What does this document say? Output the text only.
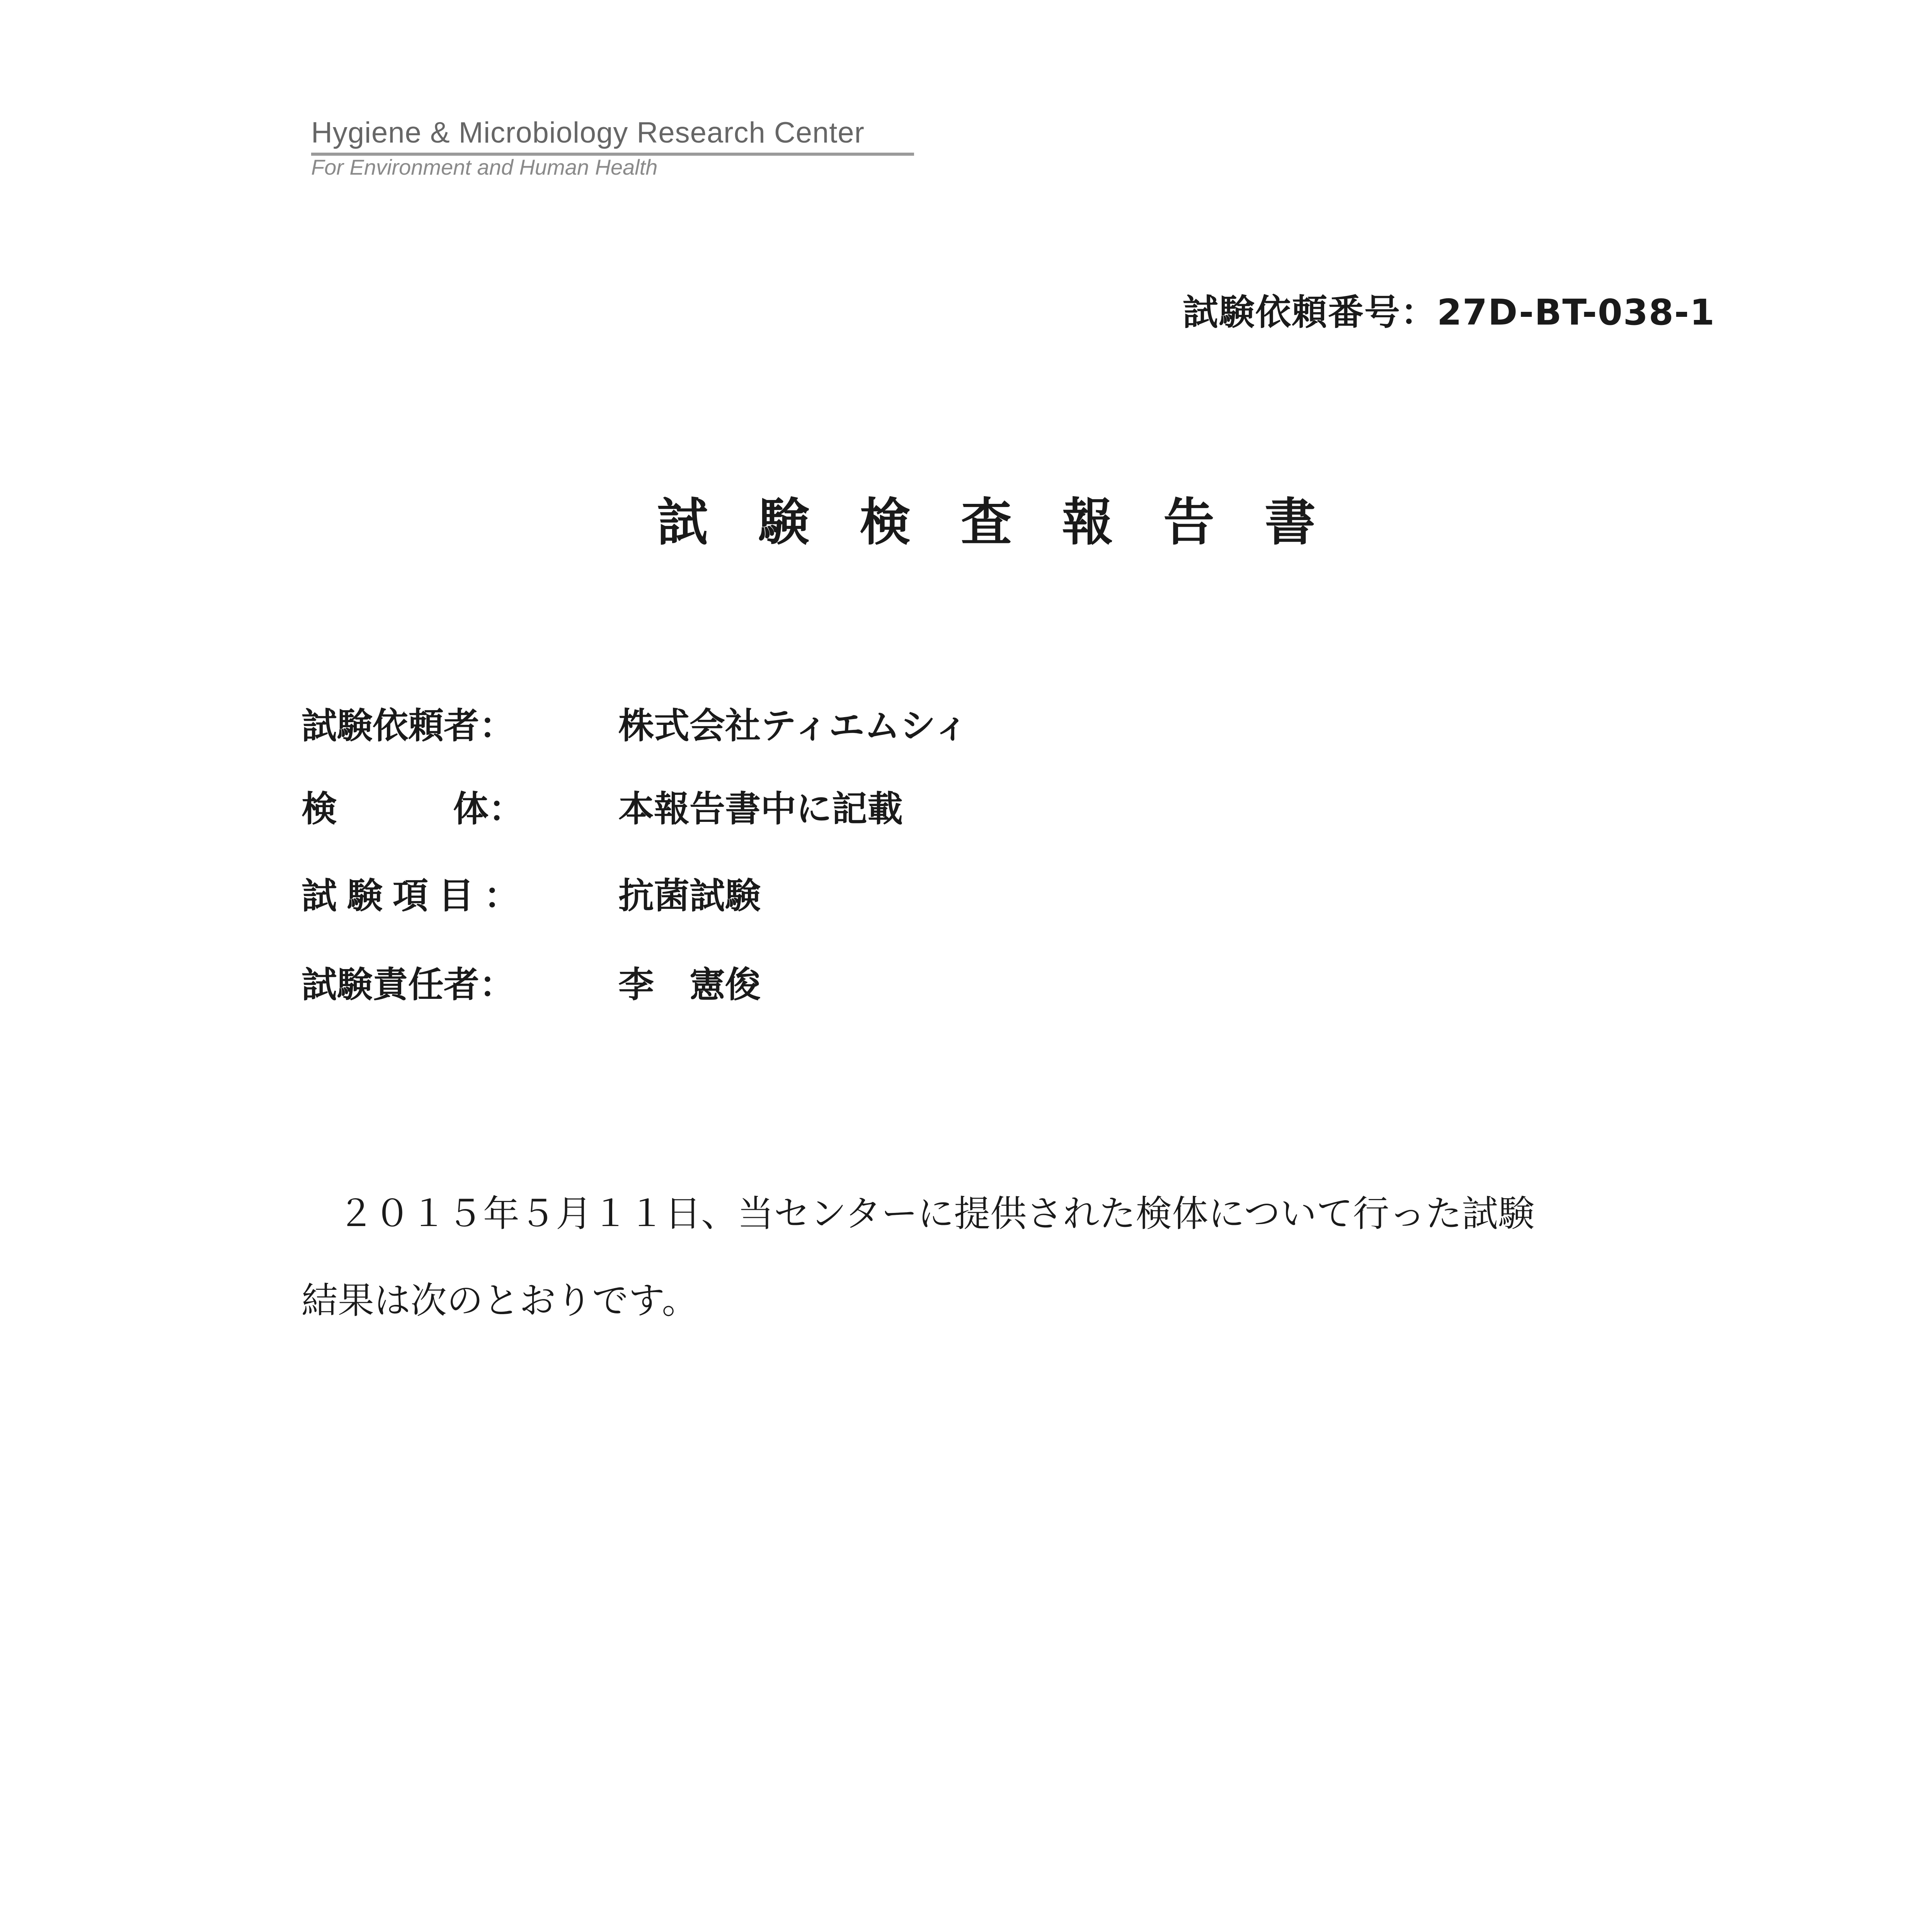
Hygiene & Microbiology Research Center
For Environment and Human Health
試験依頼番号：27D-BT-038-1
試験検査報告書
試験依頼者：	株式会社ティエムシィ
検	体：	本報告書中に記載
試験項目： 抗菌試験
試験責任者：	李　憲俊
　２０１５年５月１１日、当センターに提供された検体について行った試験
結果は次のとおりです。
